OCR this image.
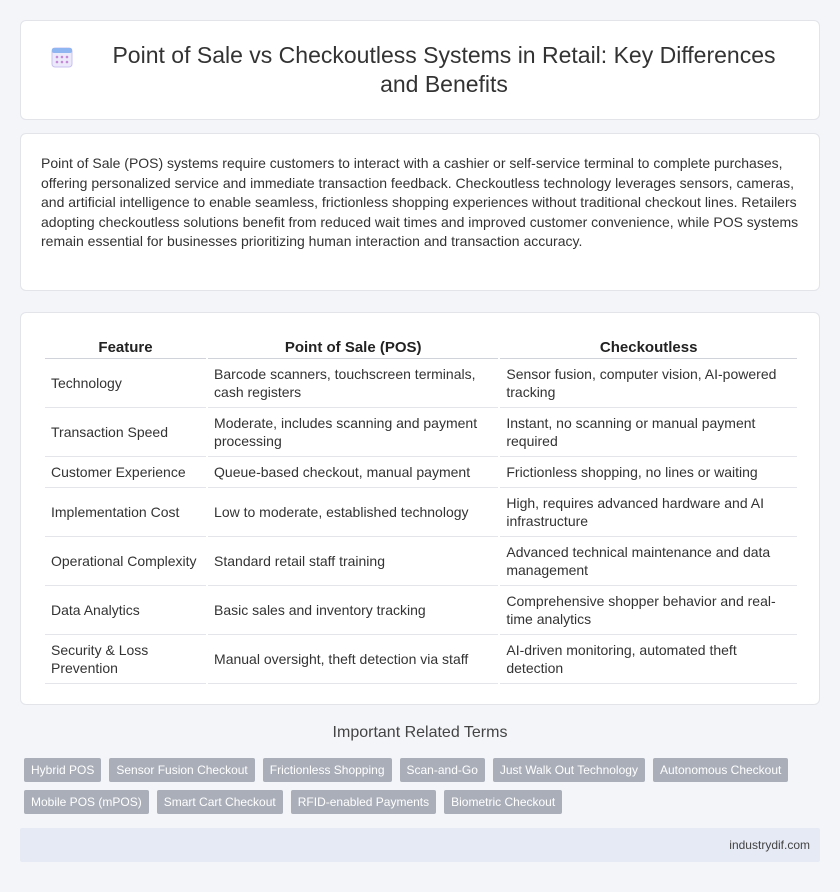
Point of Sale vs Checkoutless Systems in Retail: Key Differences and Benefits

Point of Sale (POS) systems require customers to interact with a cashier or self-service terminal to complete purchases, offering personalized service and immediate transaction feedback. Checkoutless technology leverages sensors, cameras, and artificial intelligence to enable seamless, frictionless shopping experiences without traditional checkout lines. Retailers adopting checkoutless solutions benefit from reduced wait times and improved customer convenience, while POS systems remain essential for businesses prioritizing human interaction and transaction accuracy.

Feature	Point of Sale (POS)	Checkoutless
Technology	Barcode scanners, touchscreen terminals, cash registers	Sensor fusion, computer vision, AI-powered tracking
Transaction Speed	Moderate, includes scanning and payment processing	Instant, no scanning or manual payment required
Customer Experience	Queue-based checkout, manual payment	Frictionless shopping, no lines or waiting
Implementation Cost	Low to moderate, established technology	High, requires advanced hardware and AI infrastructure
Operational Complexity	Standard retail staff training	Advanced technical maintenance and data management
Data Analytics	Basic sales and inventory tracking	Comprehensive shopper behavior and real-time analytics
Security & Loss Prevention	Manual oversight, theft detection via staff	AI-driven monitoring, automated theft detection
Important Related Terms
Hybrid POS	Sensor Fusion Checkout	Frictionless Shopping	Scan-and-Go	Just Walk Out Technology	Autonomous Checkout
Mobile POS (mPOS)	Smart Cart Checkout	RFID-enabled Payments	Biometric Checkout
industrydif.com
